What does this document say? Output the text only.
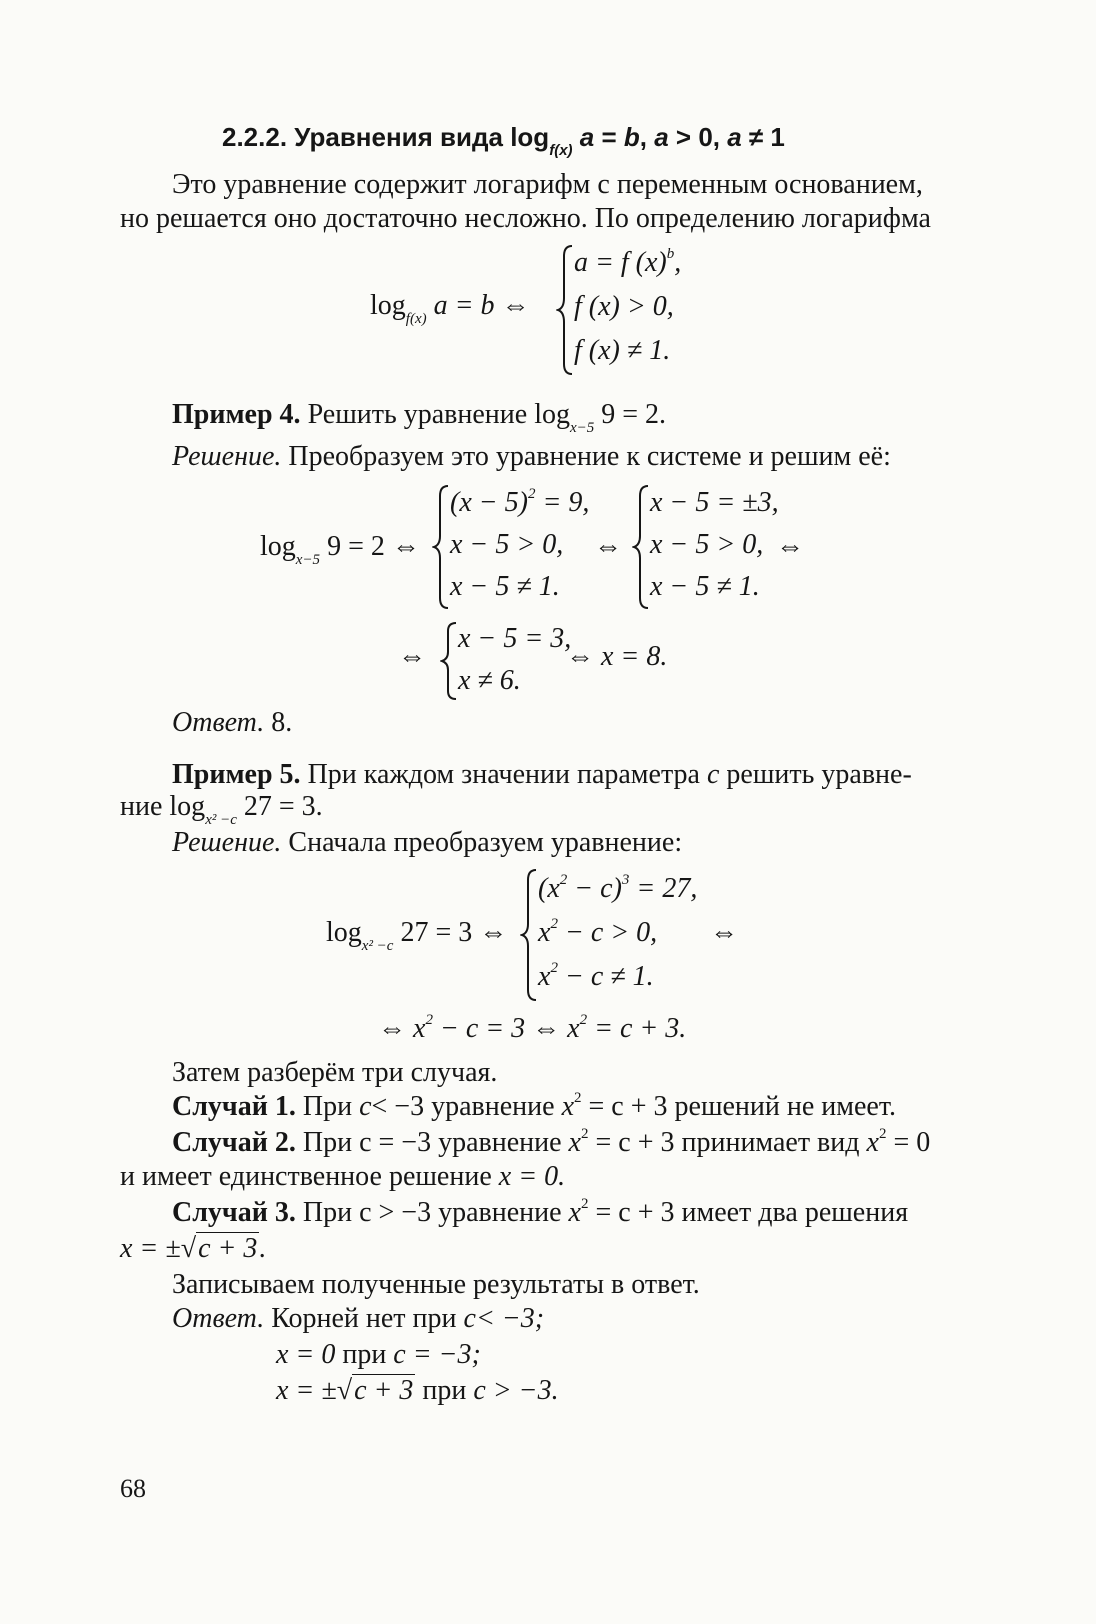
2.2.2. Уравнения вида $\log_{f(x)} a = b$, a > 0, a ≠ 1
Это уравнение содержит логарифм с переменным основанием,
но решается оно достаточно несложно. По определению логарифма
$\log_{f(x)} a = b$ ⇔
a = f $(x)^b$,
f (x) > 0,
f (x) ≠ 1.
Пример 4. Решить уравнение $\log_{x-5} 9 = 2$.
Решение. Преобразуем это уравнение к системе и решим её:
$\log_{x-5} 9 = 2$ ⇔
$(x - 5)^2 = 9$,
x − 5 > 0,
x − 5 ≠ 1.
⇔
x − 5 = ±3,
x − 5 > 0,
x − 5 ≠ 1.
⇔
⇔
x − 5 = 3,
x ≠ 6.
⇔ x = 8.
Ответ. 8.
Пример 5. При каждом значении параметра c решить уравне-
ние $\log_{x^2 -c} 27 = 3$.
Решение. Сначала преобразуем уравнение:
$\log_{x^2 -c} 27 = 3$ ⇔
$(x^2 - c)^3 = 27$,
$x^2 - c > 0$,
$x^2 - c \ne 1$.
⇔
⇔ $x^2 - c = 3$ ⇔ $x^2 = c + 3$.
Затем разберём три случая.
Случай 1. При c< −3 уравнение $x^2 = c + 3$ решений не имеет.
Случай 2. При c = −3 уравнение $x^2 = c + 3$ принимает вид $x^2 = 0$
и имеет единственное решение x = 0.
Случай 3. При c > −3 уравнение $x^2 = c + 3$ имеет два решения
x = ±√c + 3.
Записываем полученные результаты в ответ.
Ответ. Корней нет при c< −3;
x = 0 при c = −3;
x = ±√c + 3 при c > −3.
68
